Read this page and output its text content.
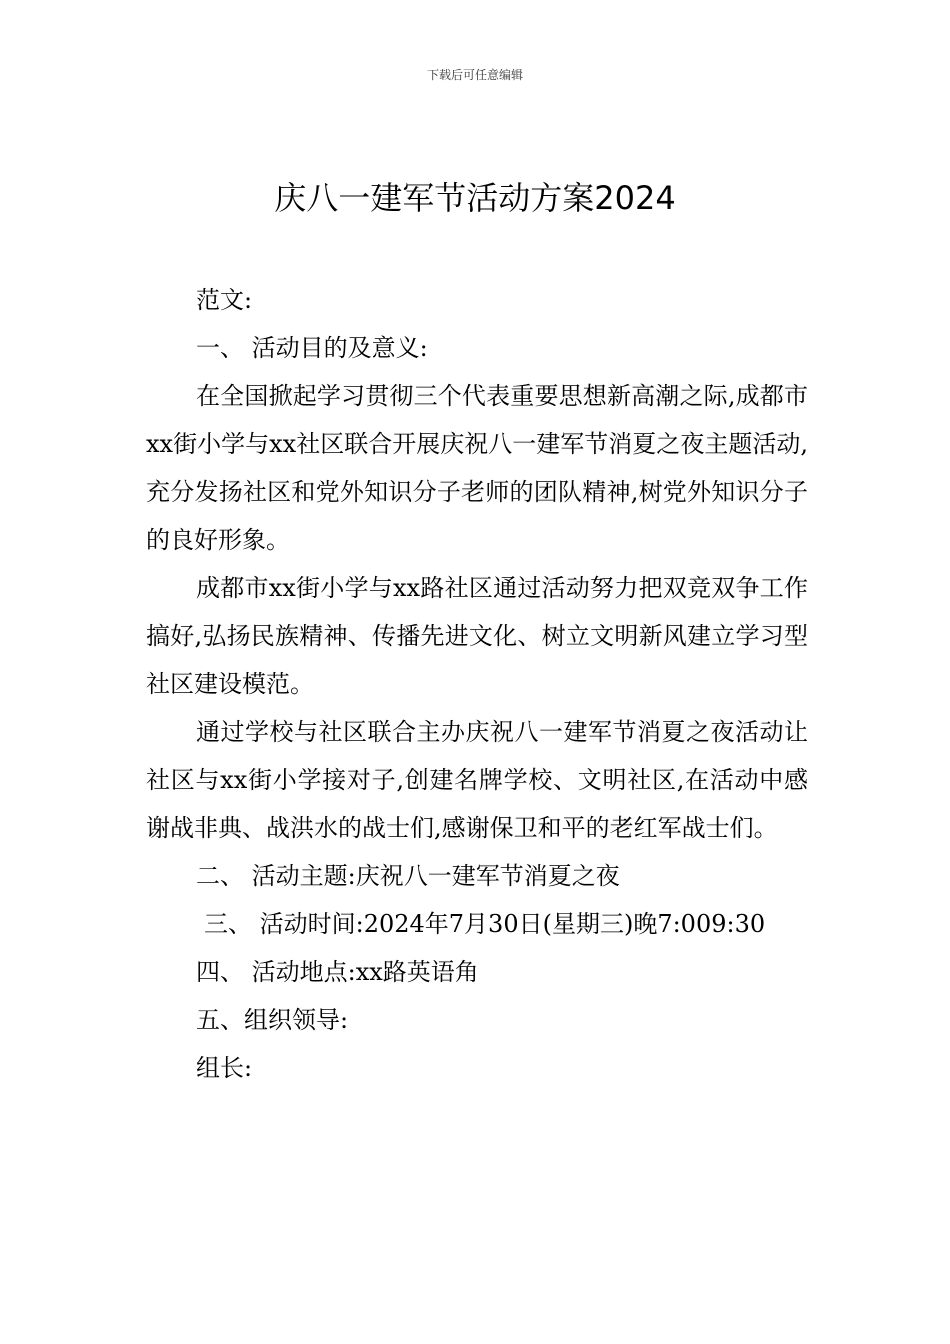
下载后可任意编辑
庆八一建军节活动方案2024

范文:

一、 活动目的及意义:

在全国掀起学习贯彻三个代表重要思想新高潮之际,成都市xx街小学与xx社区联合开展庆祝八一建军节消夏之夜主题活动,充分发扬社区和党外知识分子老师的团队精神,树党外知识分子的良好形象。

成都市xx街小学与xx路社区通过活动努力把双竞双争工作搞好,弘扬民族精神、传播先进文化、树立文明新风建立学习型社区建设模范。

通过学校与社区联合主办庆祝八一建军节消夏之夜活动让社区与xx街小学接对子,创建名牌学校、文明社区,在活动中感谢战非典、战洪水的战士们,感谢保卫和平的老红军战士们。

二、 活动主题:庆祝八一建军节消夏之夜

三、 活动时间:2024年7月30日(星期三)晚7:009:30

四、 活动地点:xx路英语角

五、组织领导:

组长:
